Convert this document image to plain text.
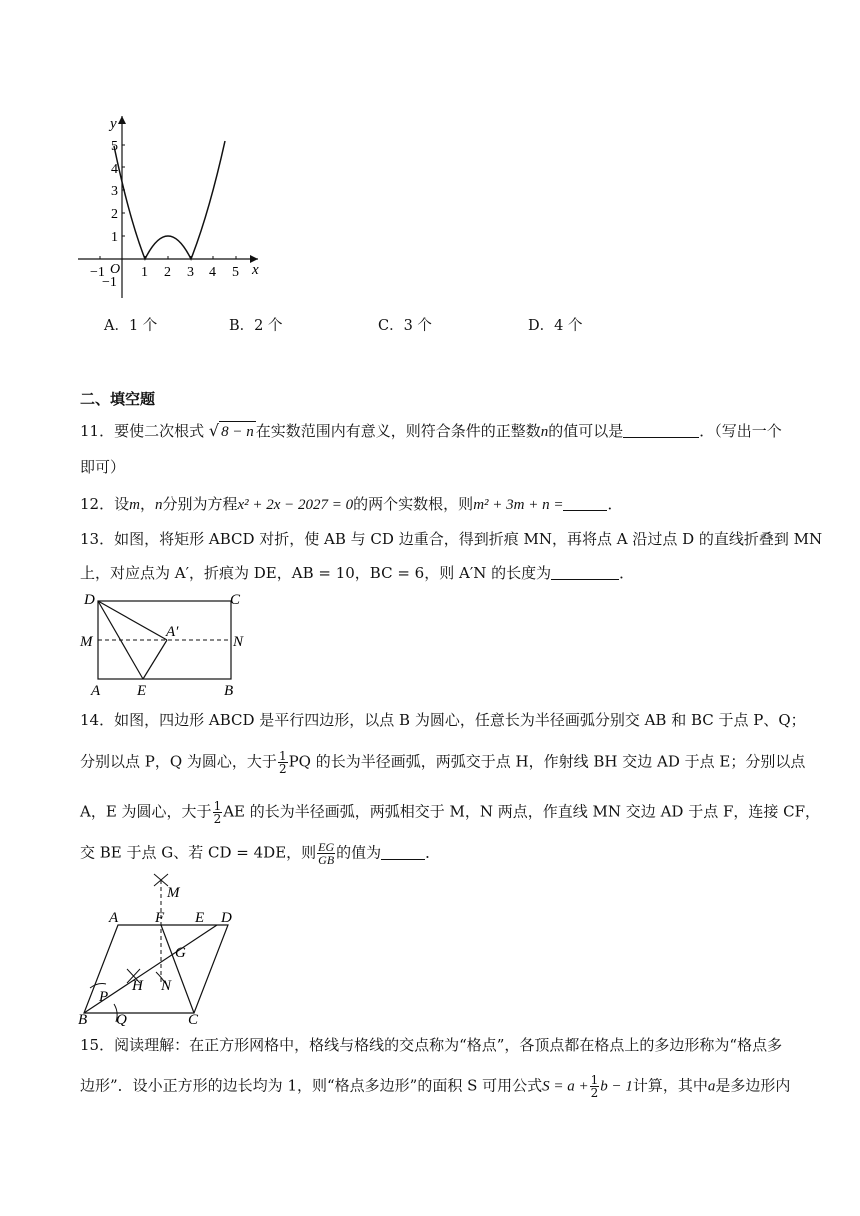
y
x
O
−1	1 2 3 4 5
5
4
3
2
1
−1
A．1 个	B．2 个	C．3 个	D．4 个
二、填空题
11．要使二次根式 √ 8 − n 在实数范围内有意义，则符合条件的正整数n的值可以是	．（写出一个
即可）
12．设m，n分别为方程x² + 2x − 2027 = 0的两个实数根，则m² + 3m + n =	．
13．如图，将矩形 ABCD 对折，使 AB 与 CD 边重合，得到折痕 MN，再将点 A 沿过点 D 的直线折叠到 MN
上，对应点为 A′，折痕为 DE，AB = 10，BC = 6，则 A′N 的长度为	．
D	C
M	N
A′
A E	B
14．如图，四边形 ABCD 是平行四边形，以点 B 为圆心，任意长为半径画弧分别交 AB 和 BC 于点 P、Q；
分别以点 P，Q 为圆心，大于 $\frac{1}{2}$ PQ 的长为半径画弧，两弧交于点 H，作射线 BH 交边 AD 于点 E；分别以点
A，E 为圆心，大于 $\frac{1}{2}$ AE 的长为半径画弧，两弧相交于 M，N 两点，作直线 MN 交边 AD 于点 F，连接 CF，
交 BE 于点 G、若 CD = 4DE，则 $\frac{EG}{GB}$ 的值为	．
M
A F E D
G
P
H N
B Q	C
15．阅读理解：在正方形网格中，格线与格线的交点称为“格点”，各顶点都在格点上的多边形称为“格点多
边形”．设小正方形的边长均为 1，则“格点多边形”的面积 S 可用公式$S = a + \frac{1}{2}$ b − 1计算，其中a是多边形内
